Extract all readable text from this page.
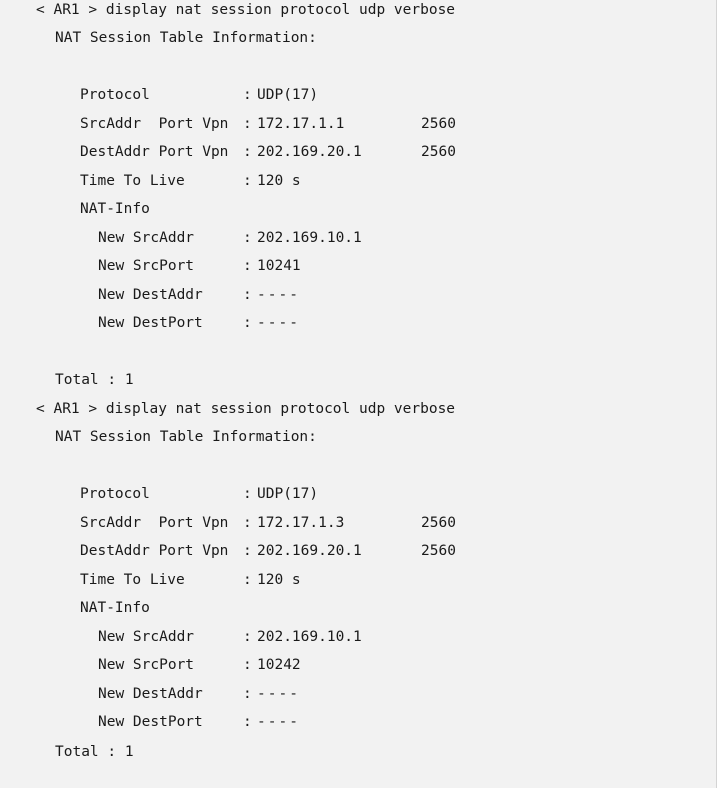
< AR1 > display nat session protocol udp verbose
NAT Session Table Information:
Protocol	: UDP(17)
SrcAddr  Port Vpn : 172.17.1.1	2560
DestAddr Port Vpn : 202.169.20.1	2560
Time To Live	: 120 s
NAT-Info
New SrcAddr	: 202.169.10.1
New SrcPort	: 10241
New DestAddr	: ----
New DestPort	: ----
Total : 1
< AR1 > display nat session protocol udp verbose
NAT Session Table Information:
Protocol	: UDP(17)
SrcAddr  Port Vpn : 172.17.1.3	2560
DestAddr Port Vpn : 202.169.20.1	2560
Time To Live	: 120 s
NAT-Info
New SrcAddr	: 202.169.10.1
New SrcPort	: 10242
New DestAddr	: ----
New DestPort	: ----
Total : 1
